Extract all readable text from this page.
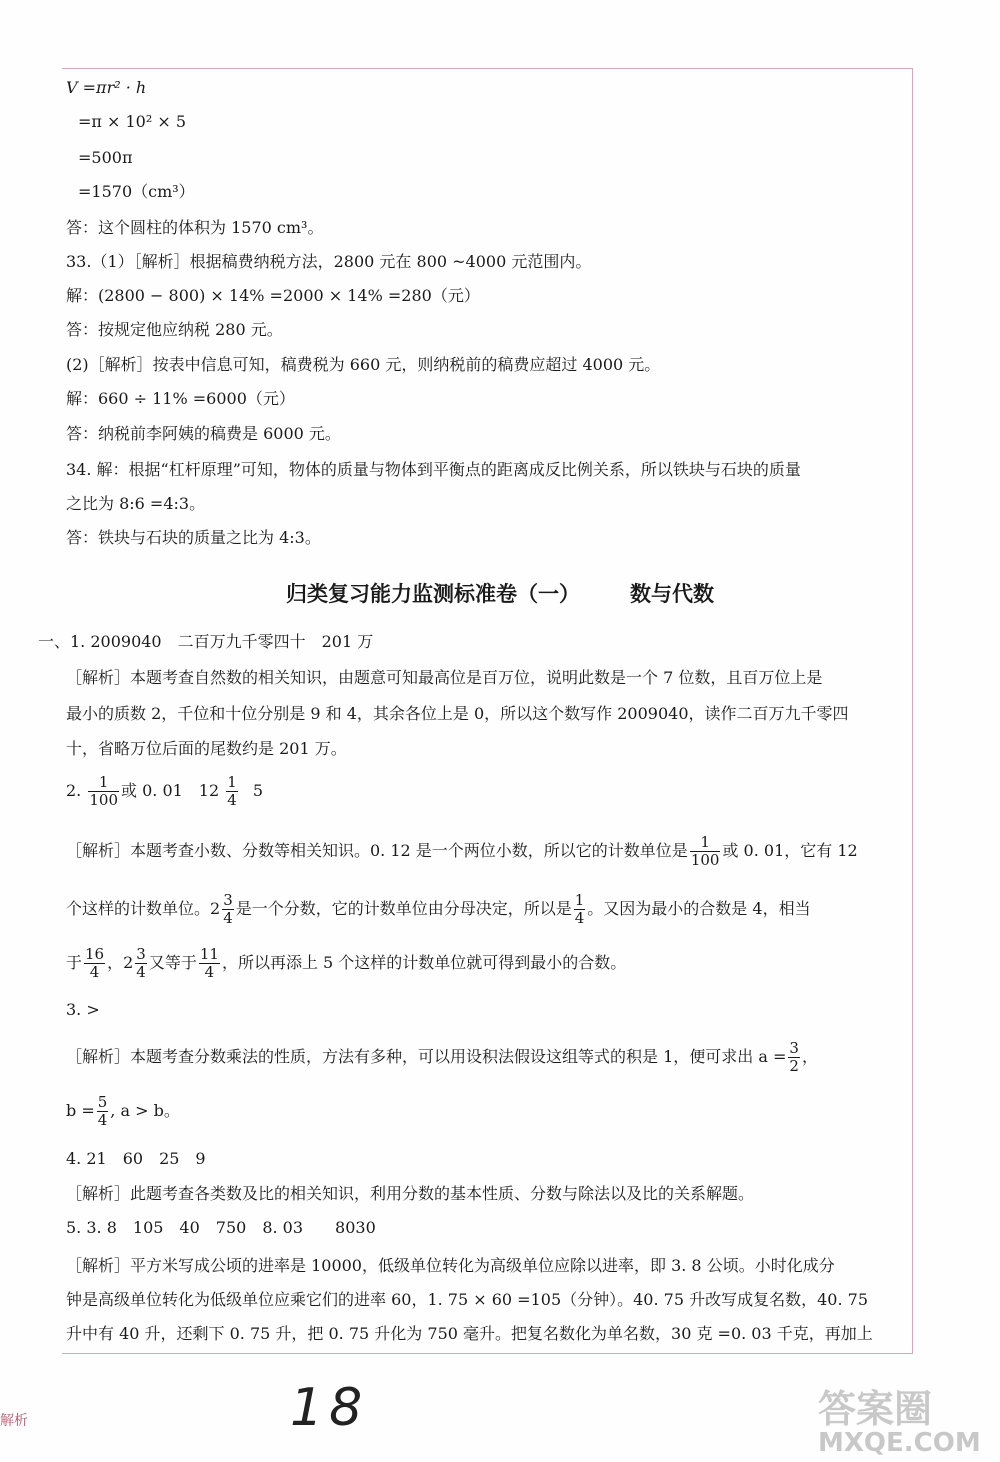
V =πr² · h
=π × 10² × 5
=500π
=1570（cm³）
答：这个圆柱的体积为 1570 cm³。
33.（1）［解析］根据稿费纳税方法，2800 元在 800 ~4000 元范围内。
解：(2800 − 800) × 14% =2000 × 14% =280（元）
答：按规定他应纳税 280 元。
(2)［解析］按表中信息可知，稿费税为 660 元，则纳税前的稿费应超过 4000 元。
解：660 ÷ 11% =6000（元）
答：纳税前李阿姨的稿费是 6000 元。
34. 解：根据“杠杆原理”可知，物体的质量与物体到平衡点的距离成反比例关系，所以铁块与石块的质量
之比为 8:6 =4:3。
答：铁块与石块的质量之比为 4:3。
归类复习能力监测标准卷（一） 数与代数
一、1. 2009040　二百万九千零四十　201 万
［解析］本题考查自然数的相关知识，由题意可知最高位是百万位，说明此数是一个 7 位数，且百万位上是
最小的质数 2，千位和十位分别是 9 和 4，其余各位上是 0，所以这个数写作 2009040，读作二百万九千零四
十，省略万位后面的尾数约是 201 万。
2. $\frac{1}{100}$ 或 0. 01　$12 \frac{1}{4} 5$
［解析］本题考查小数、分数等相关知识。0. 12 是一个两位小数，所以它的计数单位是 $\frac{1}{100}$ 或 0. 01，它有 12
个这样的计数单位。$2 \frac{3}{4}$ 是一个分数，它的计数单位由分母决定，所以是 $\frac{1}{4}$ 。又因为最小的合数是 4，相当
于 $\frac{16}{4}$ ，$2 \frac{3}{4}$ 又等于 $\frac{11}{4}$ ，所以再添上 5 个这样的计数单位就可得到最小的合数。
3. >
［解析］本题考查分数乘法的性质，方法有多种，可以用设积法假设这组等式的积是 1，便可求出 $a = \frac{3}{2}$ ，
$b = \frac{5}{4}$ , a > b。
4. 21　60　25　9
［解析］此题考查各类数及比的相关知识，利用分数的基本性质、分数与除法以及比的关系解题。
5. 3. 8　105　40　750　8. 03　　8030
［解析］平方米写成公顷的进率是 10000，低级单位转化为高级单位应除以进率，即 3. 8 公顷。小时化成分
钟是高级单位转化为低级单位应乘它们的进率 60，1. 75 × 60 =105（分钟）。40. 75 升改写成复名数，40. 75
升中有 40 升，还剩下 0. 75 升，把 0. 75 升化为 750 毫升。把复名数化为单名数，30 克 =0. 03 千克，再加上
解析	18	答案圈
MXQE.COM
